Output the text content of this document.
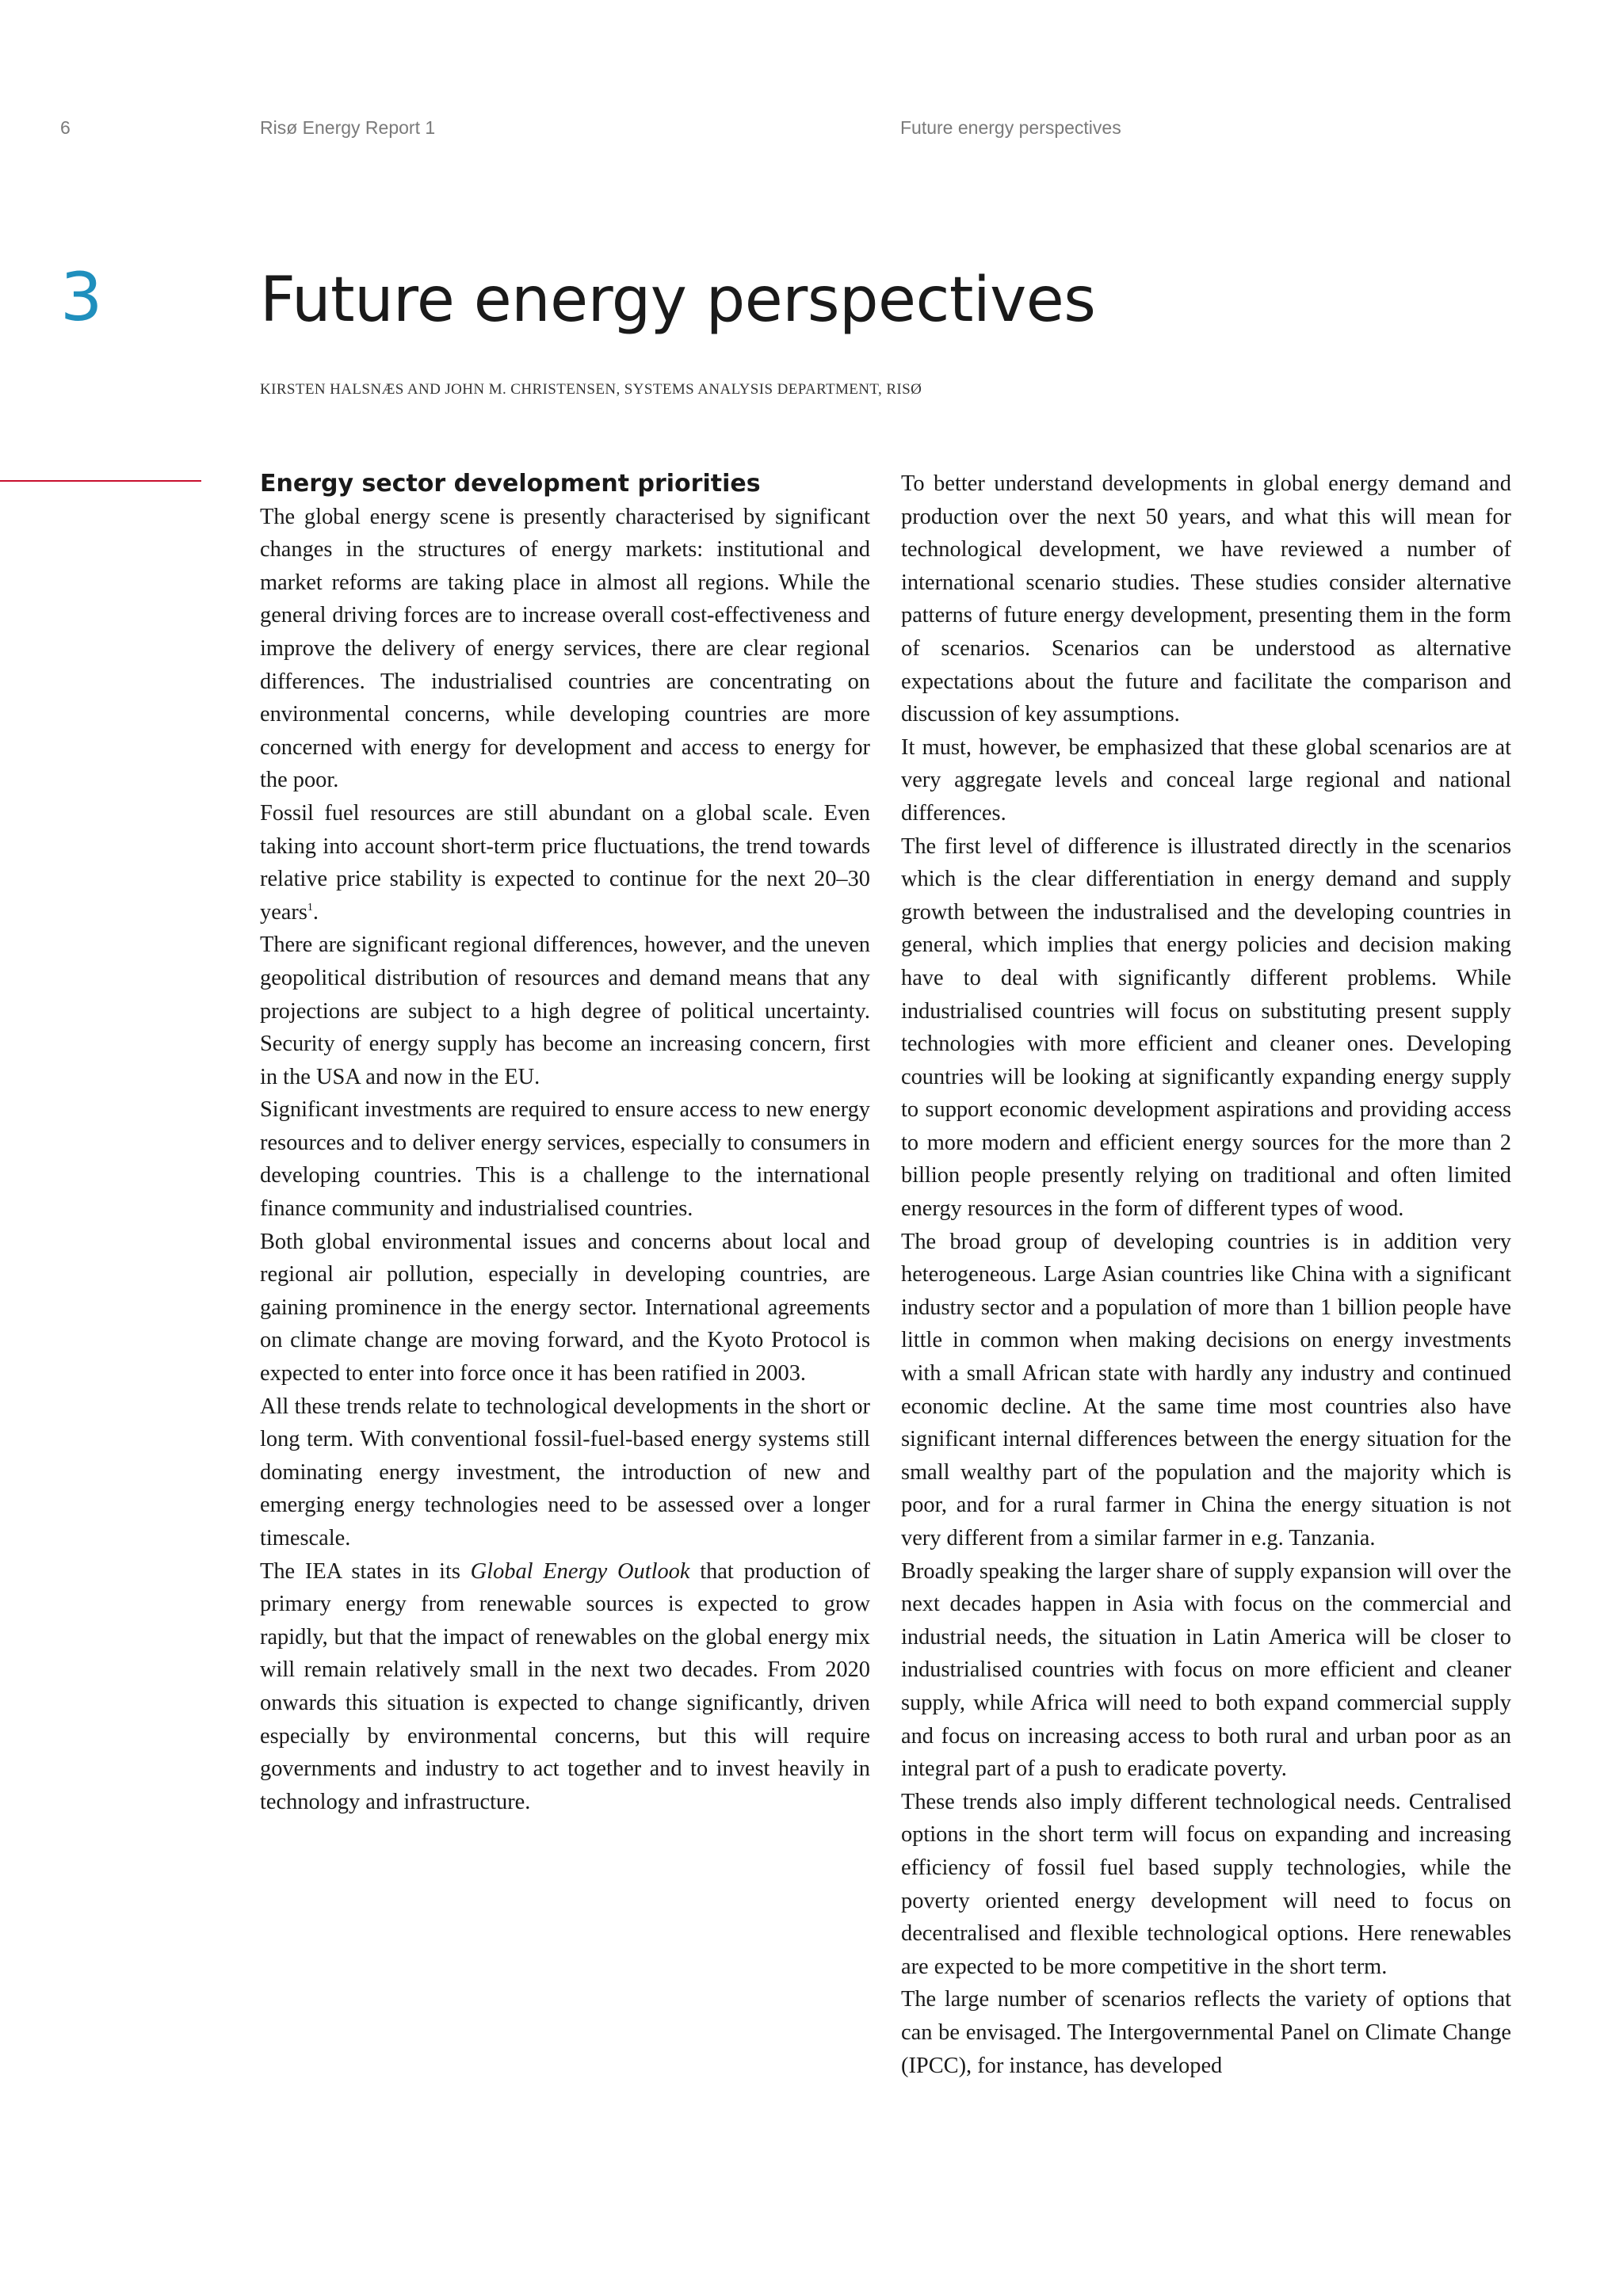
6	Risø Energy Report 1	Future energy perspectives
3	Future energy perspectives
KIRSTEN HALSNÆS AND JOHN M. CHRISTENSEN, SYSTEMS ANALYSIS DEPARTMENT, RISØ
Energy sector development priorities

The global energy scene is presently characterised by significant changes in the structures of energy markets: institutional and market reforms are taking place in almost all regions. While the general driving forces are to increase overall cost-effectiveness and improve the delivery of energy services, there are clear regional differences. The industrialised countries are concentrating on environmental concerns, while developing countries are more concerned with energy for development and access to energy for the poor.

Fossil fuel resources are still abundant on a global scale. Even taking into account short-term price fluctuations, the trend towards relative price stability is expected to continue for the next 20–30 years$^1$.

There are significant regional differences, however, and the uneven geopolitical distribution of resources and demand means that any projections are subject to a high degree of political uncertainty. Security of energy supply has become an increasing concern, first in the USA and now in the EU.

Significant investments are required to ensure access to new energy resources and to deliver energy services, especially to consumers in developing countries. This is a challenge to the international finance community and industrialised countries.

Both global environmental issues and concerns about local and regional air pollution, especially in developing countries, are gaining prominence in the energy sector. International agreements on climate change are moving forward, and the Kyoto Protocol is expected to enter into force once it has been ratified in 2003.

All these trends relate to technological developments in the short or long term. With conventional fossil-fuel-based energy systems still dominating energy investment, the introduction of new and emerging energy technologies need to be assessed over a longer timescale.

The IEA states in its Global Energy Outlook that production of primary energy from renewable sources is expected to grow rapidly, but that the impact of renewables on the global energy mix will remain relatively small in the next two decades. From 2020 onwards this situation is expected to change significantly, driven especially by environmental concerns, but this will require governments and industry to act together and to invest heavily in technology and infrastructure.

To better understand developments in global energy demand and production over the next 50 years, and what this will mean for technological development, we have reviewed a number of international scenario studies. These studies consider alternative patterns of future energy development, presenting them in the form of scenarios. Scenarios can be understood as alternative expectations about the future and facilitate the comparison and discussion of key assumptions.

It must, however, be emphasized that these global scenarios are at very aggregate levels and conceal large regional and national differences.

The first level of difference is illustrated directly in the scenarios which is the clear differentiation in energy demand and supply growth between the industralised and the developing countries in general, which implies that energy policies and decision making have to deal with significantly different problems. While industrialised countries will focus on substituting present supply technologies with more efficient and cleaner ones. Developing countries will be looking at significantly expanding energy supply to support economic development aspirations and providing access to more modern and efficient energy sources for the more than 2 billion people presently relying on traditional and often limited energy resources in the form of different types of wood.

The broad group of developing countries is in addition very heterogeneous. Large Asian countries like China with a significant industry sector and a population of more than 1 billion people have little in common when making decisions on energy investments with a small African state with hardly any industry and continued economic decline. At the same time most countries also have significant internal differences between the energy situation for the small wealthy part of the population and the majority which is poor, and for a rural farmer in China the energy situation is not very different from a similar farmer in e.g. Tanzania.

Broadly speaking the larger share of supply expansion will over the next decades happen in Asia with focus on the commercial and industrial needs, the situation in Latin America will be closer to industrialised countries with focus on more efficient and cleaner supply, while Africa will need to both expand commercial supply and focus on increasing access to both rural and urban poor as an integral part of a push to eradicate poverty.

These trends also imply different technological needs. Centralised options in the short term will focus on expanding and increasing efficiency of fossil fuel based supply technologies, while the poverty oriented energy development will need to focus on decentralised and flexible technological options. Here renewables are expected to be more competitive in the short term.

The large number of scenarios reflects the variety of options that can be envisaged. The Intergovernmental Panel on Climate Change (IPCC), for instance, has developed
